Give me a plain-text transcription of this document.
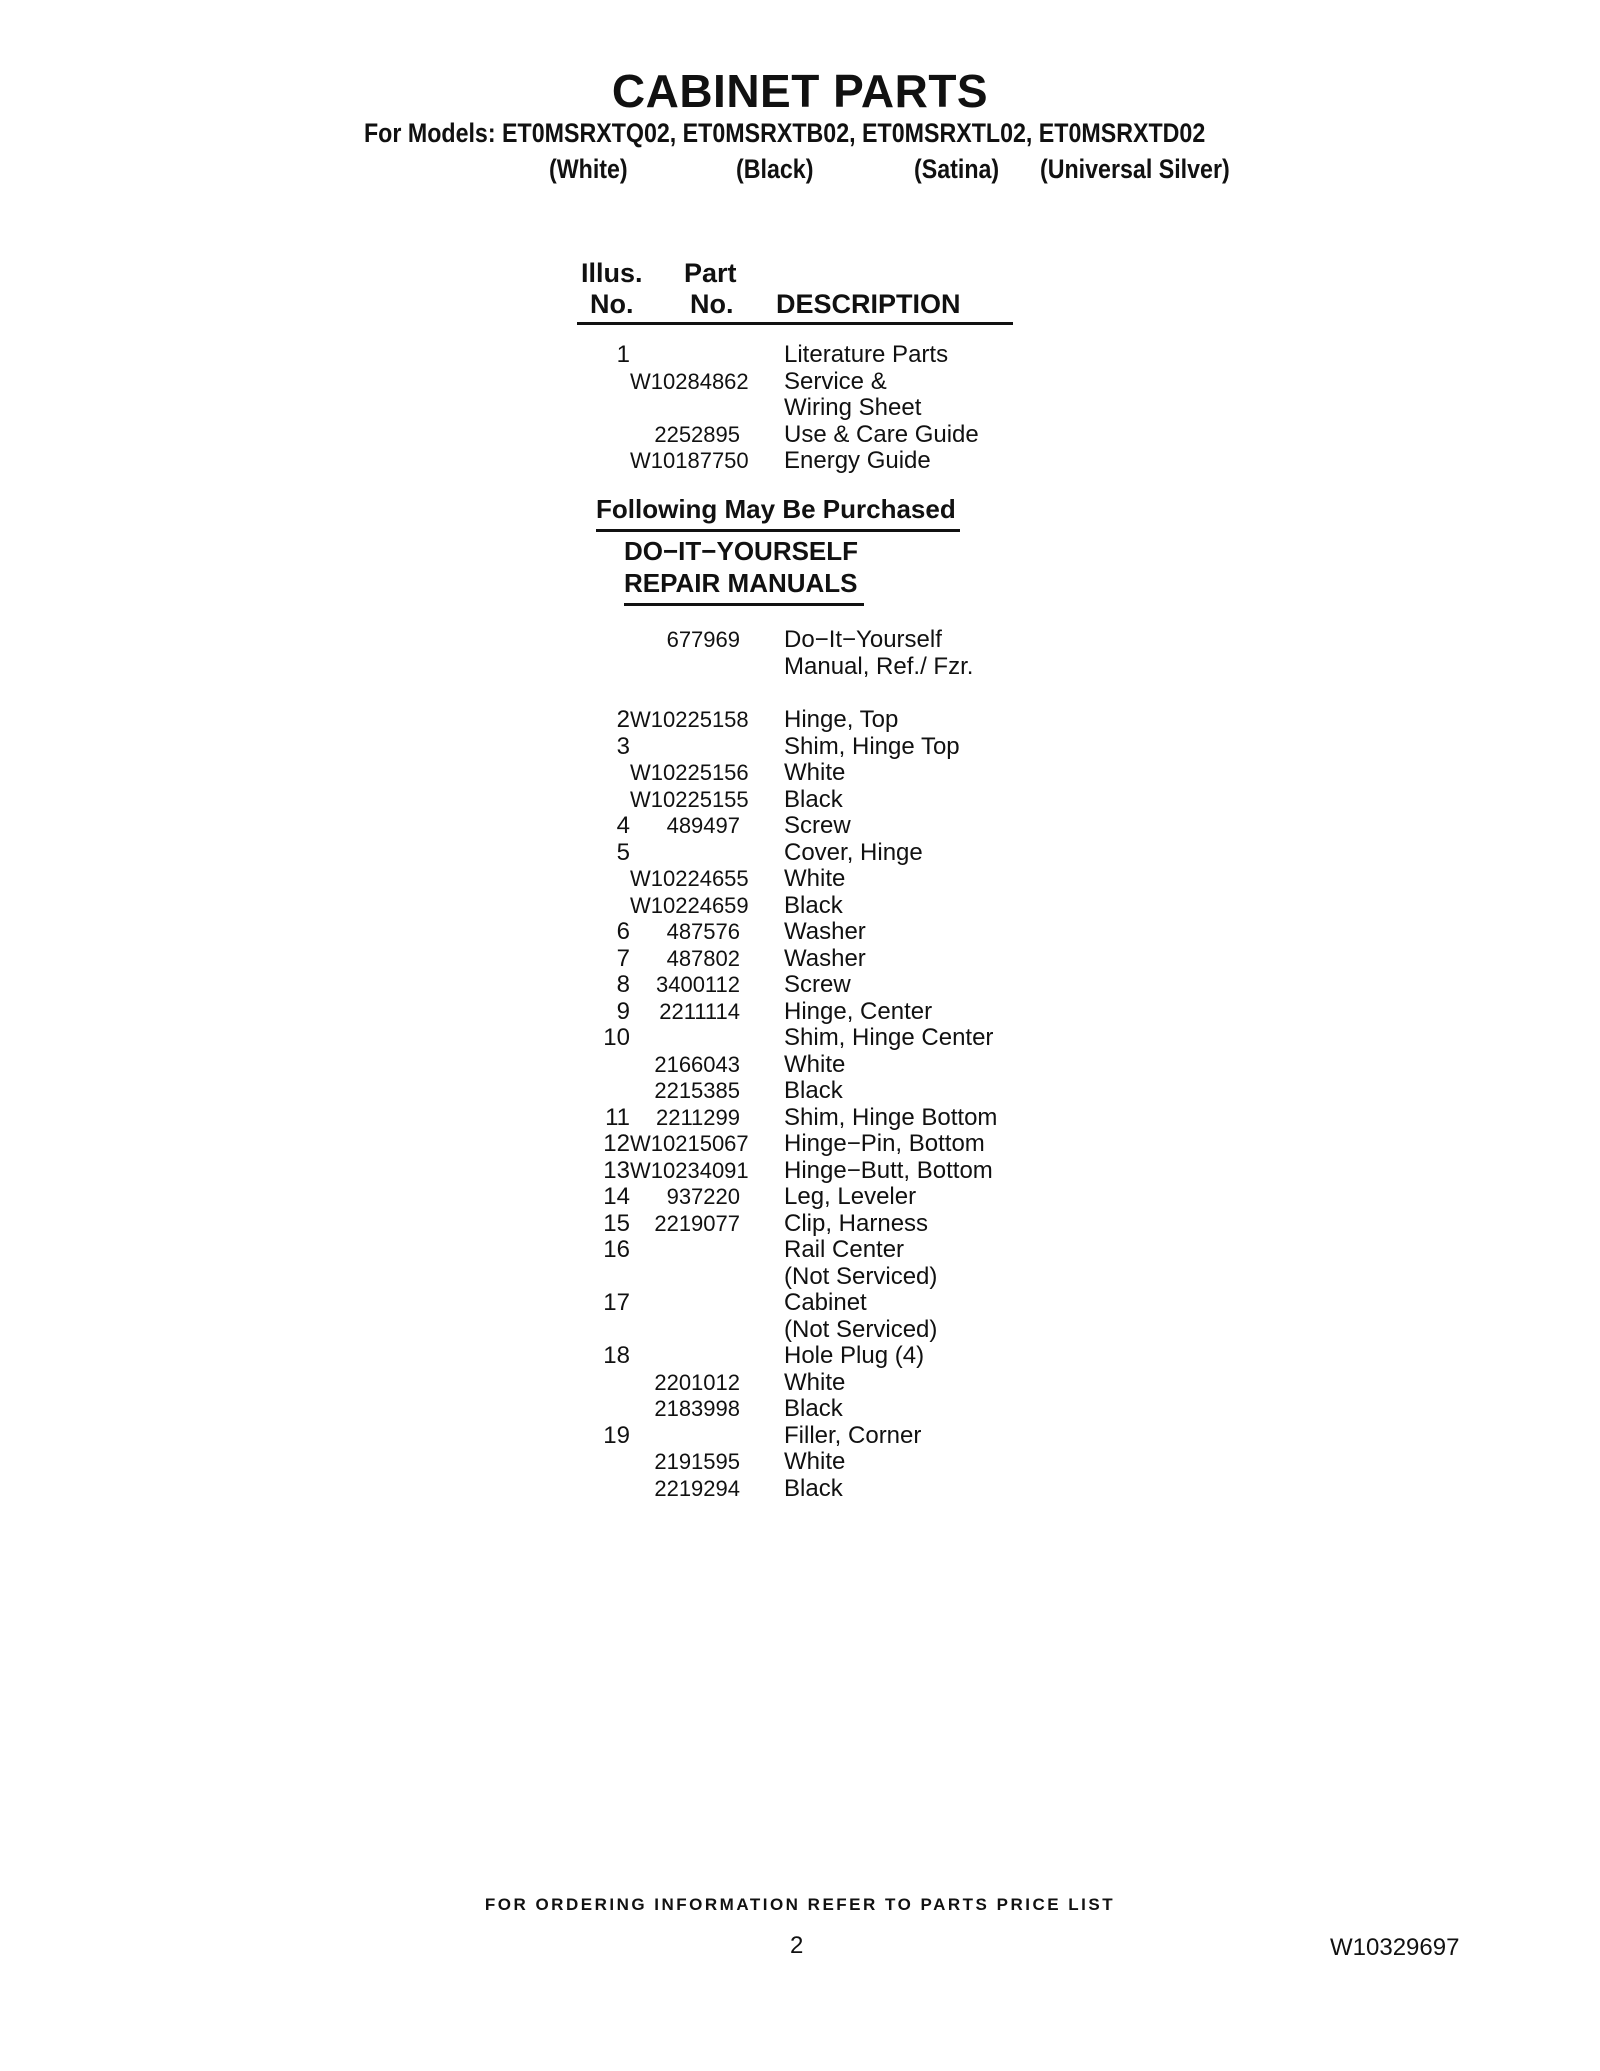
CABINET PARTS
For Models: ET0MSRXTQ02, ET0MSRXTB02, ET0MSRXTL02, ET0MSRXTD02
(White)	(Black)	(Satina) (Universal Silver)
Illus.
No.
Part
No. DESCRIPTION
1	Literature Parts
W10284862 Service &
Wiring Sheet
2252895 Use & Care Guide
W10187750 Energy Guide
Following May Be Purchased
DO−IT−YOURSELF
REPAIR MANUALS
677969 Do−It−Yourself
Manual, Ref./ Fzr.
2 W10225158 Hinge, Top
3	Shim, Hinge Top
W10225156 White
W10225155 Black
4	489497 Screw
5	Cover, Hinge
W10224655 White
W10224659 Black
6	487576 Washer
7	487802 Washer
8	3400112 Screw
9	2211114 Hinge, Center
10	Shim, Hinge Center
2166043 White
2215385 Black
11	2211299 Shim, Hinge Bottom
12 W10215067 Hinge−Pin, Bottom
13 W10234091 Hinge−Butt, Bottom
14	937220 Leg, Leveler
15	2219077 Clip, Harness
16	Rail Center
(Not Serviced)
17	Cabinet
(Not Serviced)
18	Hole Plug (4)
2201012 White
2183998 Black
19	Filler, Corner
2191595 White
2219294 Black
FOR ORDERING INFORMATION REFER TO PARTS PRICE LIST
2	W10329697
